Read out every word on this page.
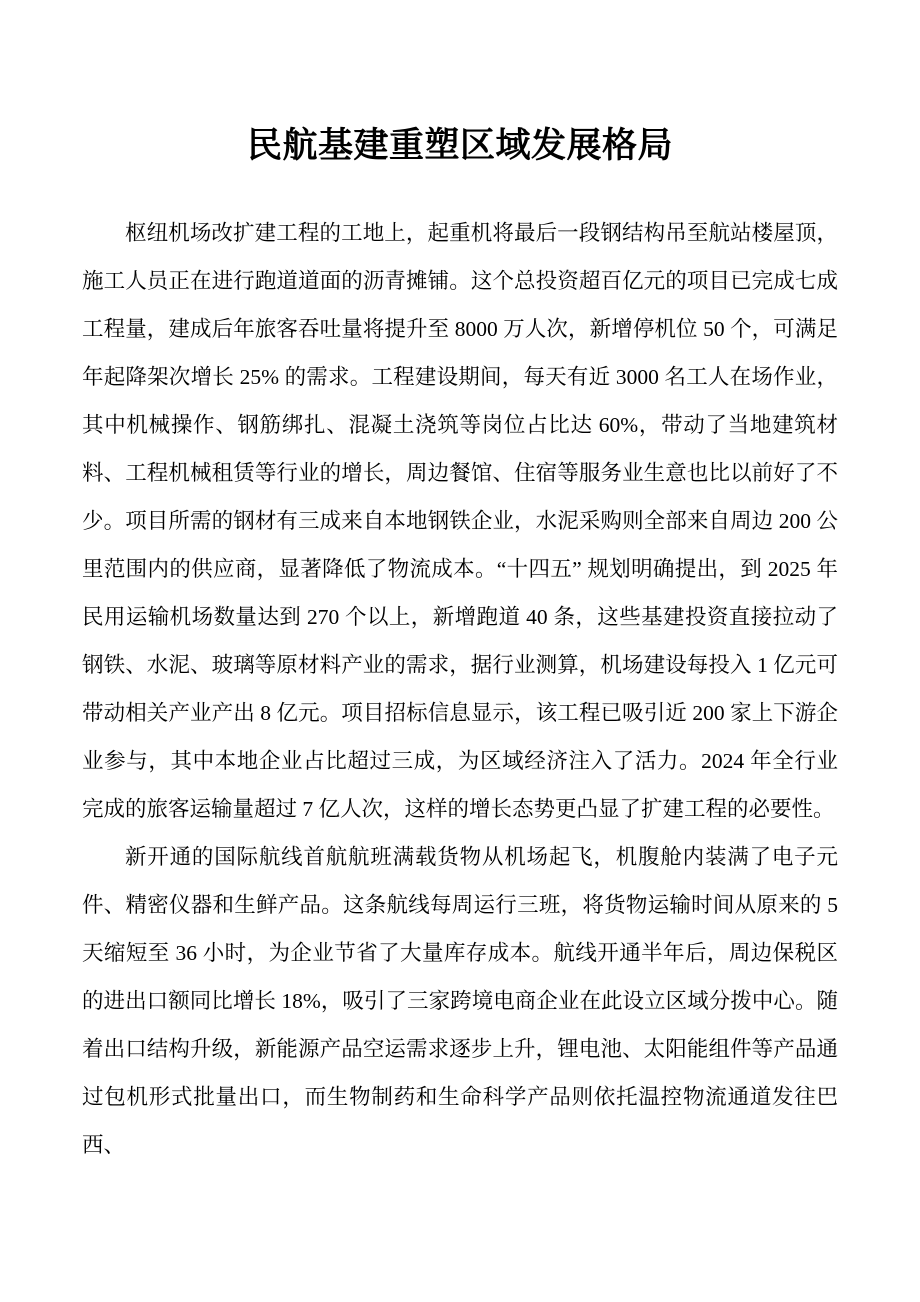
民航基建重塑区域发展格局

枢纽机场改扩建工程的工地上，起重机将最后一段钢结构吊至航站楼屋顶，施工人员正在进行跑道道面的沥青摊铺。这个总投资超百亿元的项目已完成七成工程量，建成后年旅客吞吐量将提升至 8000 万人次，新增停机位 50 个，可满足年起降架次增长 25% 的需求。工程建设期间，每天有近 3000 名工人在场作业，其中机械操作、钢筋绑扎、混凝土浇筑等岗位占比达 60%，带动了当地建筑材料、工程机械租赁等行业的增长，周边餐馆、住宿等服务业生意也比以前好了不少。项目所需的钢材有三成来自本地钢铁企业，水泥采购则全部来自周边 200 公里范围内的供应商，显著降低了物流成本。“十四五” 规划明确提出，到 2025 年民用运输机场数量达到 270 个以上，新增跑道 40 条，这些基建投资直接拉动了钢铁、水泥、玻璃等原材料产业的需求，据行业测算，机场建设每投入 1 亿元可带动相关产业产出 8 亿元。项目招标信息显示，该工程已吸引近 200 家上下游企业参与，其中本地企业占比超过三成，为区域经济注入了活力。2024 年全行业完成的旅客运输量超过 7 亿人次，这样的增长态势更凸显了扩建工程的必要性。

新开通的国际航线首航航班满载货物从机场起飞，机腹舱内装满了电子元件、精密仪器和生鲜产品。这条航线每周运行三班，将货物运输时间从原来的 5 天缩短至 36 小时，为企业节省了大量库存成本。航线开通半年后，周边保税区的进出口额同比增长 18%，吸引了三家跨境电商企业在此设立区域分拨中心。随着出口结构升级，新能源产品空运需求逐步上升，锂电池、太阳能组件等产品通过包机形式批量出口，而生物制药和生命科学产品则依托温控物流通道发往巴西、
